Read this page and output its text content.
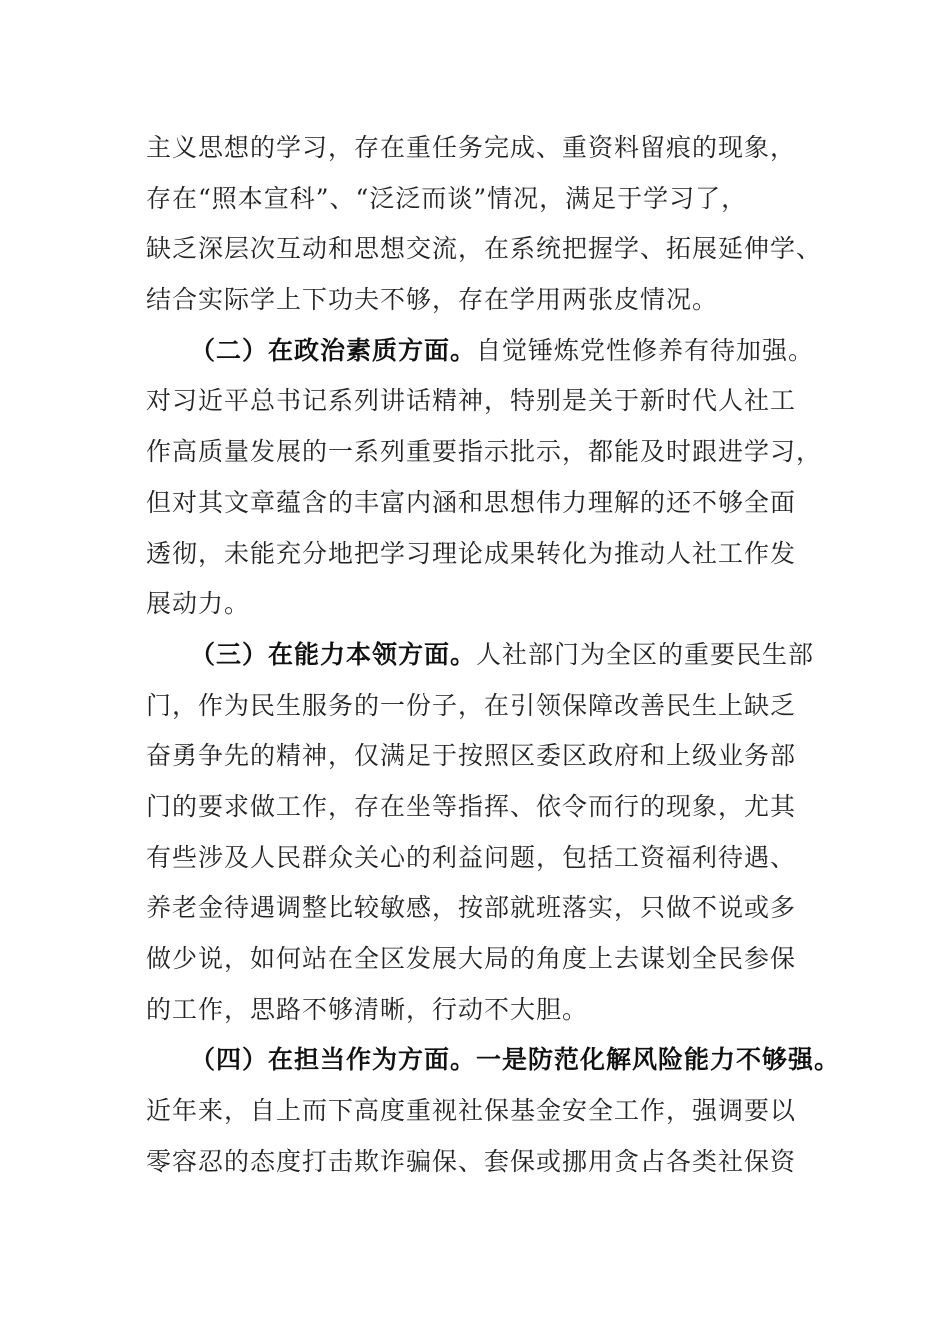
主义思想的学习，存在重任务完成、重资料留痕的现象，
存在“照本宣科”、“泛泛而谈”情况，满足于学习了，
缺乏深层次互动和思想交流，在系统把握学、拓展延伸学、
结合实际学上下功夫不够，存在学用两张皮情况。
（二）在政治素质方面。自觉锤炼党性修养有待加强。
对习近平总书记系列讲话精神，特别是关于新时代人社工
作高质量发展的一系列重要指示批示，都能及时跟进学习，
但对其文章蕴含的丰富内涵和思想伟力理解的还不够全面
透彻，未能充分地把学习理论成果转化为推动人社工作发
展动力。
（三）在能力本领方面。人社部门为全区的重要民生部
门，作为民生服务的一份子，在引领保障改善民生上缺乏
奋勇争先的精神，仅满足于按照区委区政府和上级业务部
门的要求做工作，存在坐等指挥、依令而行的现象，尤其
有些涉及人民群众关心的利益问题，包括工资福利待遇、
养老金待遇调整比较敏感，按部就班落实，只做不说或多
做少说，如何站在全区发展大局的角度上去谋划全民参保
的工作，思路不够清晰，行动不大胆。
（四）在担当作为方面。一是防范化解风险能力不够强。
近年来，自上而下高度重视社保基金安全工作，强调要以
零容忍的态度打击欺诈骗保、套保或挪用贪占各类社保资
